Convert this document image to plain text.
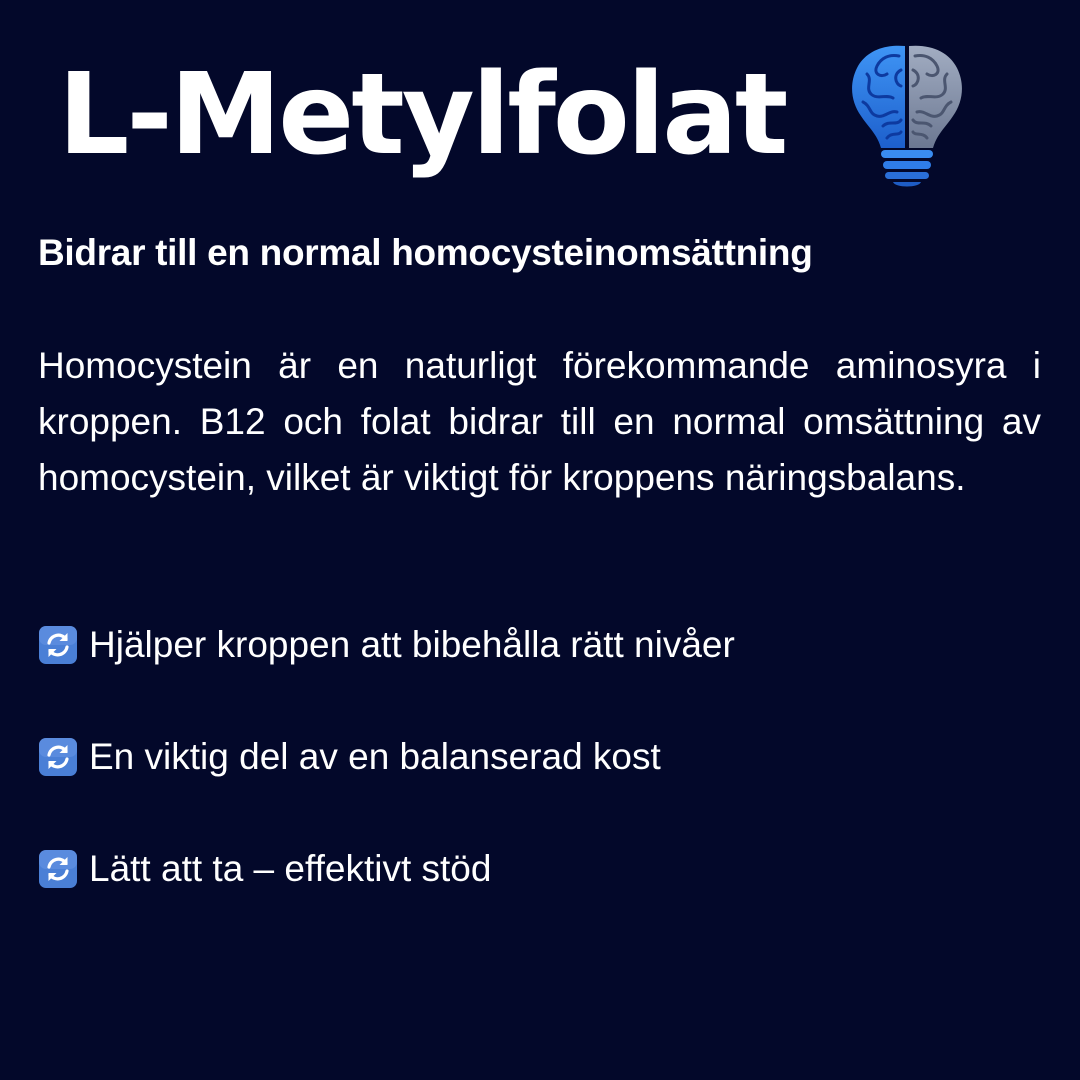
L-Metylfolat
Bidrar till en normal homocysteinomsättning

Homocystein är en naturligt förekommande aminosyra i kroppen. B12 och folat bidrar till en normal omsättning av homocystein, vilket är viktigt för kroppens näringsbalans.

Hjälper kroppen att bibehålla rätt nivåer
En viktig del av en balanserad kost
Lätt att ta – effektivt stöd
